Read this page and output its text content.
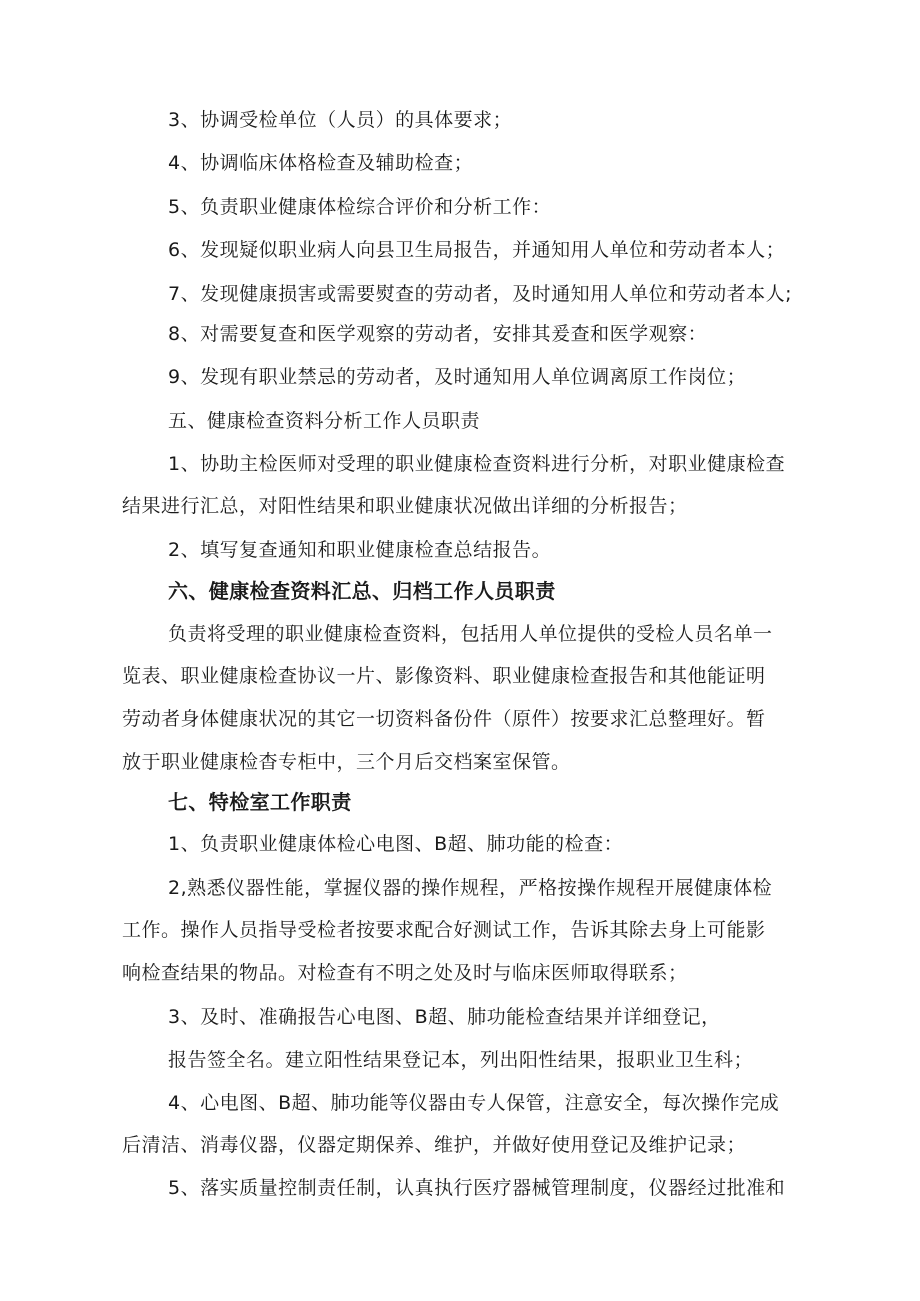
3、协调受检单位（人员）的具体要求；
4、协调临床体格检查及辅助检查；
5、负责职业健康体检综合评价和分析工作：
6、发现疑似职业病人向县卫生局报告，并通知用人单位和劳动者本人；
7、发现健康损害或需要熨查的劳动者，及时通知用人单位和劳动者本人;
8、对需要复查和医学观察的劳动者，安排其爰查和医学观察：
9、发现有职业禁忌的劳动者，及时通知用人单位调离原工作岗位；
五、健康检查资料分析工作人员职责
1、协助主检医师对受理的职业健康检查资料进行分析，对职业健康检查
结果进行汇总，对阳性结果和职业健康状况做出详细的分析报告；
2、填写复查通知和职业健康检查总结报告。
六、健康检查资料汇总、归档工作人员职责
负责将受理的职业健康检查资料，包括用人单位提供的受检人员名单一
览表、职业健康检查协议一片、影像资料、职业健康检查报告和其他能证明
劳动者身体健康状况的其它一切资料备份件（原件）按要求汇总整理好。暂
放于职业健康检杳专柜中，三个月后交档案室保管。
七、特检室工作职责
1、负责职业健康体检心电图、B超、肺功能的检查：
2,熟悉仪器性能，掌握仪器的操作规程，严格按操作规程开展健康体检
工作。操作人员指导受检者按要求配合好测试工作，告诉其除去身上可能影
响检查结果的物品。对检查有不明之处及时与临床医师取得联系；
3、及时、准确报告心电图、B超、肺功能检查结果并详细登记，
报告签全名。建立阳性结果登记本，列出阳性结果，报职业卫生科；
4、心电图、B超、肺功能等仪器由专人保管，注意安全，每次操作完成
后清洁、消毒仪器，仪器定期保养、维护，并做好使用登记及维护记录；
5、落实质量控制责任制，认真执行医疗器械管理制度，仪器经过批准和
